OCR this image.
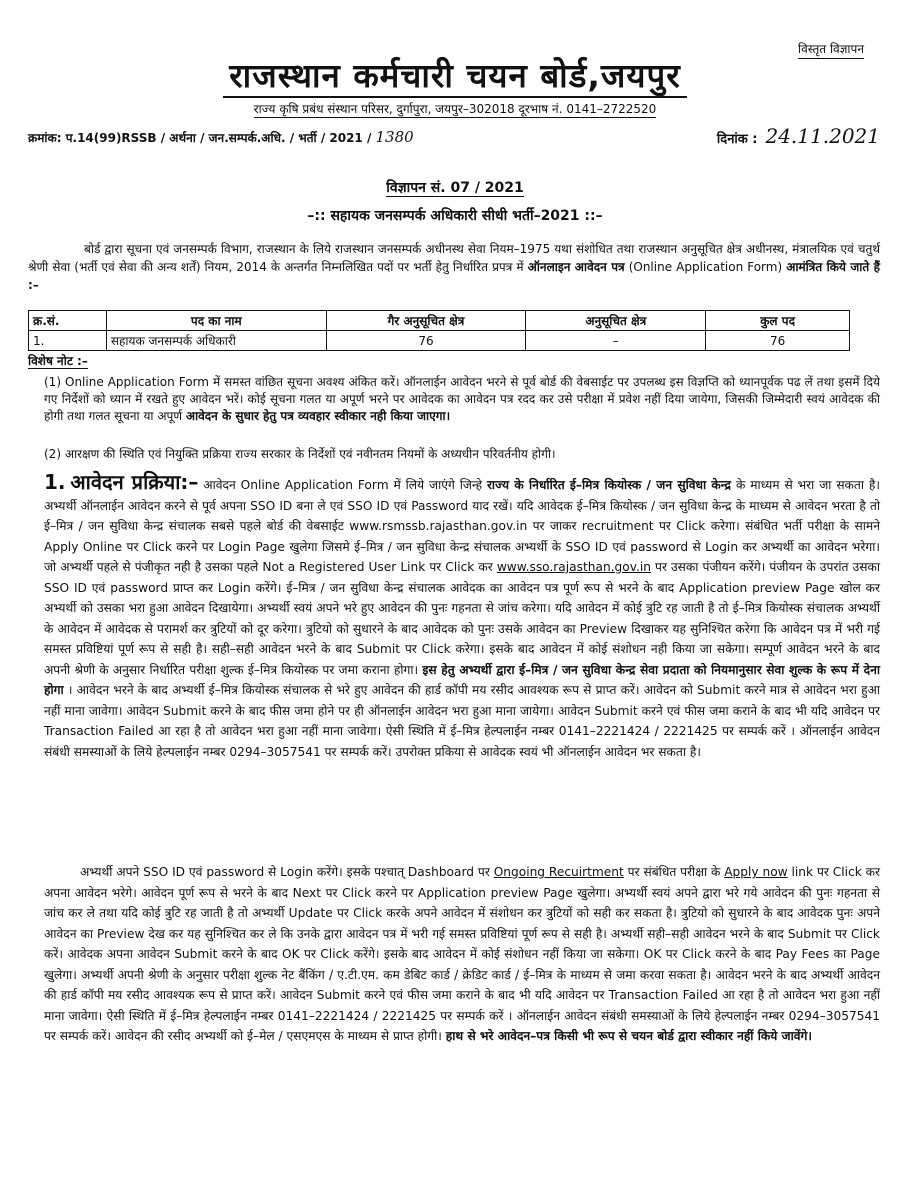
विस्तृत विज्ञापन
राजस्थान कर्मचारी चयन बोर्ड,जयपुर
राज्य कृषि प्रबंध संस्थान परिसर, दुर्गापुरा, जयपुर–302018 दूरभाष नं. 0141–2722520
क्रमांक: प.14(99)RSSB / अर्थना / जन.सम्पर्क.अधि. / भर्ती / 2021 / 1380	दिनांक : 24.11.2021
विज्ञापन सं. 07 / 2021
–:: सहायक जनसम्पर्क अधिकारी सीधी भर्ती–2021 ::–
बोर्ड द्वारा सूचना एवं जनसम्पर्क विभाग, राजस्थान के लिये राजस्थान जनसम्पर्क अधीनस्थ सेवा नियम–1975 यथा संशोधित तथा राजस्थान अनुसूचित क्षेत्र अधीनस्थ, मंत्रालयिक एवं चतुर्थ श्रेणी सेवा (भर्ती एवं सेवा की अन्य शर्तें) नियम, 2014 के अन्तर्गत निम्नलिखित पदों पर भर्ती हेतु निर्धारित प्रपत्र में ऑनलाइन आवेदन पत्र (Online Application Form) आमंत्रित किये जाते हैं :–
क्र.सं.	पद का नाम	गैर अनुसूचित क्षेत्र	अनुसूचित क्षेत्र	कुल पद
1.	सहायक जनसम्पर्क अधिकारी	76	–	76
विशेष नोट :–
(1) Online Application Form में समस्त वांछित सूचना अवश्य अंकित करें। ऑनलाईन आवेदन भरने से पूर्व बोर्ड की वेबसाईट पर उपलब्ध इस विज्ञप्ति को ध्यानपूर्वक पढ लें तथा इसमें दिये गए निर्देशों को ध्यान में रखते हुए आवेदन भरें। कोई सूचना गलत या अपूर्ण भरने पर आवेदक का आवेदन पत्र रदद कर उसे परीक्षा में प्रवेश नहीं दिया जायेगा, जिसकी जिम्मेदारी स्वयं आवेदक की होगी तथा गलत सूचना या अपूर्ण आवेदन के सुधार हेतु पत्र व्यवहार स्वीकार नही किया जाएगा।
(2) आरक्षण की स्थिति एवं नियुक्ति प्रक्रिया राज्य सरकार के निर्देशों एवं नवीनतम नियमों के अध्यधीन परिवर्तनीय होगी।
1. आवेदन प्रक्रिया:– आवेदन Online Application Form में लिये जाएंगे जिन्हे राज्य के निर्धारित ई–मित्र कियोस्क / जन सुविधा केन्द्र के माध्यम से भरा जा सकता है। अभ्यर्थी ऑनलाईन आवेदन करने से पूर्व अपना SSO ID बना ले एवं SSO ID एवं Password याद रखें। यदि आवेदक ई–मित्र कियोस्क / जन सुविधा केन्द्र के माध्यम से आवेदन भरता है तो ई–मित्र / जन सुविधा केन्द्र संचालक सबसे पहले बोर्ड की वेबसाईट www.rsmssb.rajasthan.gov.in पर जाकर recruitment पर Click करेगा। संबंधित भर्ती परीक्षा के सामने Apply Online पर Click करने पर Login Page खुलेगा जिसमे ई–मित्र / जन सुविधा केन्द्र संचालक अभ्यर्थी के SSO ID एवं password से Login कर अभ्यर्थी का आवेदन भरेगा। जो अभ्यर्थी पहले से पंजीकृत नही है उसका पहले Not a Registered User Link पर Click कर www.sso.rajasthan.gov.in पर उसका पंजीयन करेंगे। पंजीयन के उपरांत उसका SSO ID एवं password प्राप्त कर Login करेंगे। ई–मित्र / जन सुविधा केन्द्र संचालक आवेदक का आवेदन पत्र पूर्ण रूप से भरने के बाद Application preview Page खोल कर अभ्यर्थी को उसका भरा हुआ आवेदन दिखायेगा। अभ्यर्थी स्वयं अपने भरे हुए आवेदन की पुनः गहनता से जांच करेगा। यदि आवेदन में कोई त्रुटि रह जाती है तो ई–मित्र कियोस्क संचालक अभ्यर्थी के आवेदन में आवेदक से परामर्श कर त्रुटियों को दूर करेगा। त्रुटियो को सुधारने के बाद आवेदक को पुनः उसके आवेदन का Preview दिखाकर यह सुनिश्चित करेगा कि आवेदन पत्र में भरी गई समस्त प्रविष्टियां पूर्ण रूप से सही है। सही–सही आवेदन भरने के बाद Submit पर Click करेगा। इसके बाद आवेदन में कोई संशोधन नही किया जा सकेगा। सम्पूर्ण आवेदन भरने के बाद अपनी श्रेणी के अनुसार निर्धारित परीक्षा शुल्क ई–मित्र कियोस्क पर जमा कराना होगा। इस हेतु अभ्यर्थी द्वारा ई–मित्र / जन सुविधा केन्द्र सेवा प्रदाता को नियमानुसार सेवा शुल्क के रूप में देना होगा । आवेदन भरने के बाद अभ्यर्थी ई–मित्र कियोस्क संचालक से भरे हुए आवेदन की हार्ड कॉपी मय रसीद आवश्यक रूप से प्राप्त करें। आवेदन को Submit करने मात्र से आवेदन भरा हुआ नहीं माना जावेगा। आवेदन Submit करने के बाद फीस जमा होने पर ही ऑनलाईन आवेदन भरा हुआ माना जायेगा। आवेदन Submit करने एवं फीस जमा कराने के बाद भी यदि आवेदन पर Transaction Failed आ रहा है तो आवेदन भरा हुआ नहीं माना जावेगा। ऐसी स्थिति में ई–मित्र हेल्पलाईन नम्बर 0141–2221424 / 2221425 पर सम्पर्क करें । ऑनलाईन आवेदन संबंधी समस्याओं के लिये हेल्पलाईन नम्बर 0294–3057541 पर सम्पर्क करें। उपरोक्त प्रकिया से आवेदक स्वयं भी ऑनलाईन आवेदन भर सकता है।
अभ्यर्थी अपने SSO ID एवं password से Login करेंगे। इसके पश्चात् Dashboard पर Ongoing Recuirtment पर संबंधित परीक्षा के Apply now link पर Click कर अपना आवेदन भरेगे। आवेदन पूर्ण रूप से भरने के बाद Next पर Click करने पर Application preview Page खुलेगा। अभ्यर्थी स्वयं अपने द्वारा भरे गये आवेदन की पुनः गहनता से जांच कर ले तथा यदि कोई त्रुटि रह जाती है तो अभ्यर्थी Update पर Click करके अपने आवेदन में संशोधन कर त्रुटियों को सही कर सकता है। त्रुटियो को सुधारने के बाद आवेदक पुनः अपने आवेदन का Preview देख कर यह सुनिश्चित कर ले कि उनके द्वारा आवेदन पत्र में भरी गई समस्त प्रविष्टियां पूर्ण रूप से सही है। अभ्यर्थी सही–सही आवेदन भरने के बाद Submit पर Click करें। आवेदक अपना आवेदन Submit करने के बाद OK पर Click करेंगे। इसके बाद आवेदन में कोई संशोधन नहीं किया जा सकेगा। OK पर Click करने के बाद Pay Fees का Page खुलेगा। अभ्यर्थी अपनी श्रेणी के अनुसार परीक्षा शुल्क नेट बैंकिंग / ए.टी.एम. कम डेबिट कार्ड / क्रेडिट कार्ड / ई–मित्र के माध्यम से जमा करवा सकता है। आवेदन भरने के बाद अभ्यर्थी आवेदन की हार्ड कॉपी मय रसीद आवश्यक रूप से प्राप्त करें। आवेदन Submit करने एवं फीस जमा कराने के बाद भी यदि आवेदन पर Transaction Failed आ रहा है तो आवेदन भरा हुआ नहीं माना जावेगा। ऐसी स्थिति में ई–मित्र हेल्पलाईन नम्बर 0141–2221424 / 2221425 पर सम्पर्क करें । ऑनलाईन आवेदन संबंधी समस्याओं के लिये हेल्पलाईन नम्बर 0294–3057541 पर सम्पर्क करें। आवेदन की रसीद अभ्यर्थी को ई–मेल / एसएमएस के माध्यम से प्राप्त होगी। हाथ से भरे आवेदन–पत्र किसी भी रूप से चयन बोर्ड द्वारा स्वीकार नहीं किये जावेंगे।
